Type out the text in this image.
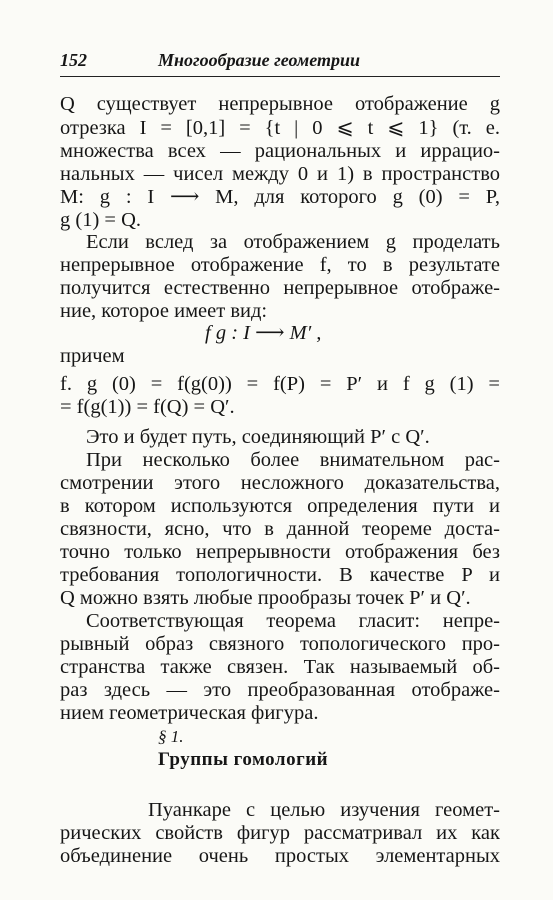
152	Многообразие геометрии
Q существует непрерывное отображение g
отрезка I = [0,1] = {t | 0 ⩽ t ⩽ 1} (т. е.
множества всех — рациональных и иррацио-
нальных — чисел между 0 и 1) в пространство
M: g : I ⟶ M, для которого g (0) = P,
g (1) = Q.
Если вслед за отображением g проделать
непрерывное отображение f, то в результате
получится естественно непрерывное отображе-
ние, которое имеет вид:
f g : I ⟶ M′ ,
причем
f. g (0) = f(g(0)) = f(P) = P′ и f g (1) =
= f(g(1)) = f(Q) = Q′.
Это и будет путь, соединяющий P′ с Q′.
При несколько более внимательном рас-
смотрении этого несложного доказательства,
в котором используются определения пути и
связности, ясно, что в данной теореме доста-
точно только непрерывности отображения без
требования топологичности. В качестве P и
Q можно взять любые прообразы точек P′ и Q′.
Соответствующая теорема гласит: непре-
рывный образ связного топологического про-
странства также связен. Так называемый об-
раз здесь — это преобразованная отображе-
нием геометрическая фигура.
§ 1.
Группы гомологий
Пуанкаре с целью изучения геомет-
рических свойств фигур рассматривал их как
объединение очень простых элементарных
